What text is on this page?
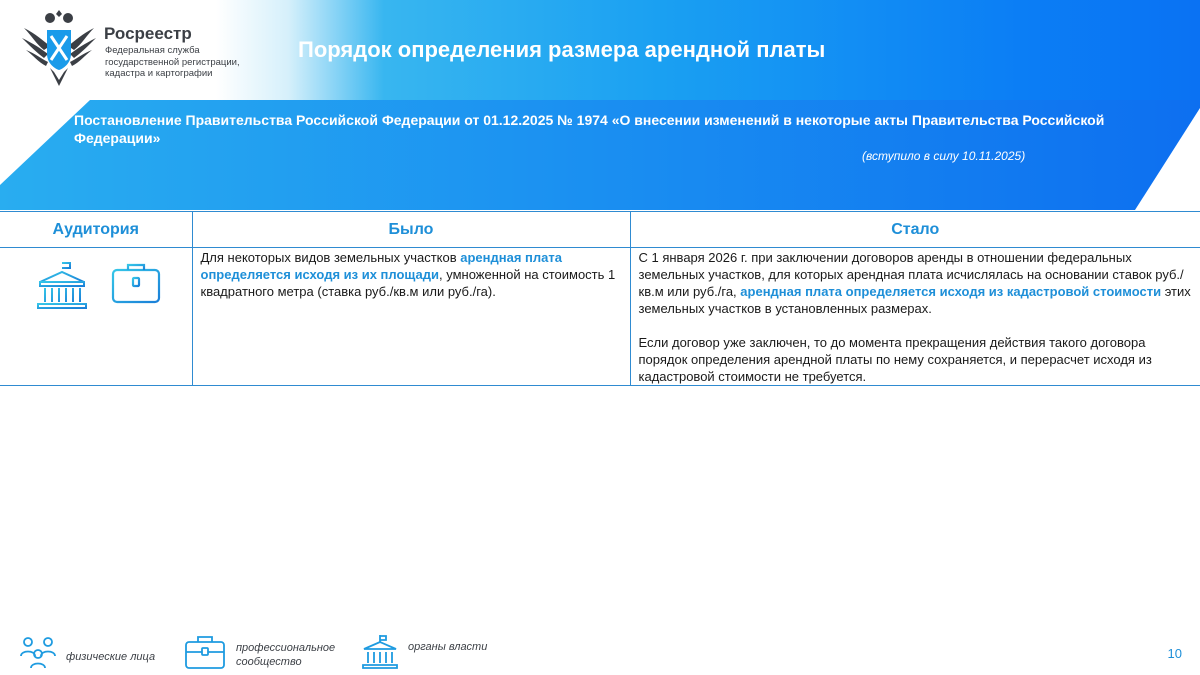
Росреестр
Федеральная служба государственной регистрации, кадастра и картографии
Порядок определения размера арендной платы
Постановление Правительства Российской Федерации от 01.12.2025 № 1974 «О внесении изменений в некоторые акты Правительства Российской Федерации»
(вступило в силу 10.11.2025)
Аудитория	Было	Стало
	Для некоторых видов земельных участков арендная плата определяется исходя из их площади, умноженной на стоимость 1 квадратного метра (ставка руб./кв.м или руб./га).	С 1 января 2026 г. при заключении договоров аренды в отношении федеральных земельных участков, для которых арендная плата исчислялась на основании ставок руб./кв.м или руб./га, арендная плата определяется исходя из кадастровой стоимости этих земельных участков в установленных размерах.
Если договор уже заключен, то до момента прекращения действия такого договора порядок определения арендной платы по нему сохраняется, и перерасчет исходя из кадастровой стоимости не требуется.
физические лица
профессиональное сообщество
органы власти	10
